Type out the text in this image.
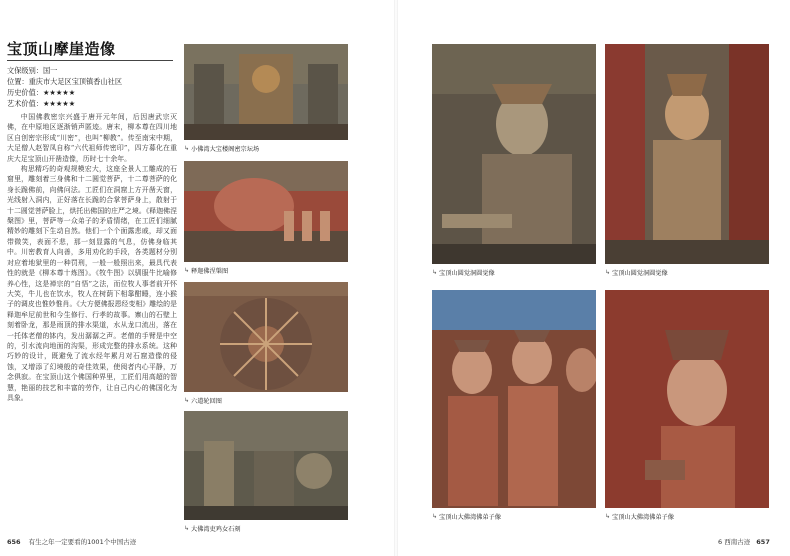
宝顶山摩崖造像
文保级别：国一
位置：重庆市大足区宝顶镇香山社区
历史价值：★★★★★
艺术价值：★★★★★

中国佛教密宗兴盛于唐开元年间，后因唐武宗灭佛，在中原地区逐渐销声匿迹。唐末，柳本尊在四川地区自创密宗形成“川密”，也叫“柳教”。传至南宋中期，大足僧人赵智凤自称“六代祖师传密印”，四方募化在重庆大足宝顶山开凿造像，历时七十余年。

构思精巧的奇观规模宏大，这座全景人工雕成的石窟里，雕刻着三身佛和十二圆觉菩萨，十二尊菩萨的化身长跪佛前，向佛问法。工匠们在洞窟上方开凿天窗，光线射入洞内，正好落在长跪的合掌菩萨身上，散射于十二圆觉菩萨脸上，烘托出佛国的庄严之境。《释迦佛涅槃图》里，菩萨等一众弟子的矛盾情绪，在工匠们细腻精妙的雕刻下生动自然。他们一个个面露悲戚，却又面带微笑，表面不悲，那一刻显露的气息，仿佛身临其中。川密教育人向善，多用劝化的手段，各类题材分别对应着地狱里的一种罚刑，一般一般照出来，最具代表性的就是《柳本尊十炼图》。《牧牛图》以驯服牛比喻修养心性，这是禅宗的“自悟”之法，而位牧人事者前开怀大笑，牛儿也在饮水，牧人在树荫下相靠酣睡，连小猴子的调皮也惟妙惟肖。《大方便佛报恩经变相》雕绘的是释迦牟尼前世和今生修行、行孝的故事。寨山的石壁上刻着卧龙，那是雨顶的排水渠道，水从龙口流出，落在一托体老僧的钵内，发出潺潺之声。老僧的手臂是中空的，引水流向地面的沟渠，形成完整的排水系统。这种巧妙的设计，既避免了流水经年累月对石窟造像的侵蚀，又增添了幻境般的奇佳效果，使阅者内心平静，万念俱寂。在宝顶山这个佛国种界里，工匠们用高超的智慧，艳丽的技艺和丰富的劳作，让自己内心的佛国化为具象。

↳ 小佛湾大宝楼阁密宗坛场
↳ 释迦佛涅槃图
↳ 六道轮回图
↳ 大佛湾吏鸡女石刻
656 有生之年一定要看的1001个中国古迹
↳ 宝顶山圆觉洞圆觉像	↳ 宝顶山圆觉洞圆觉像
↳ 宝顶山大佛湾佛弟子像	↳ 宝顶山大佛湾佛弟子像
6 西南古迹 657
